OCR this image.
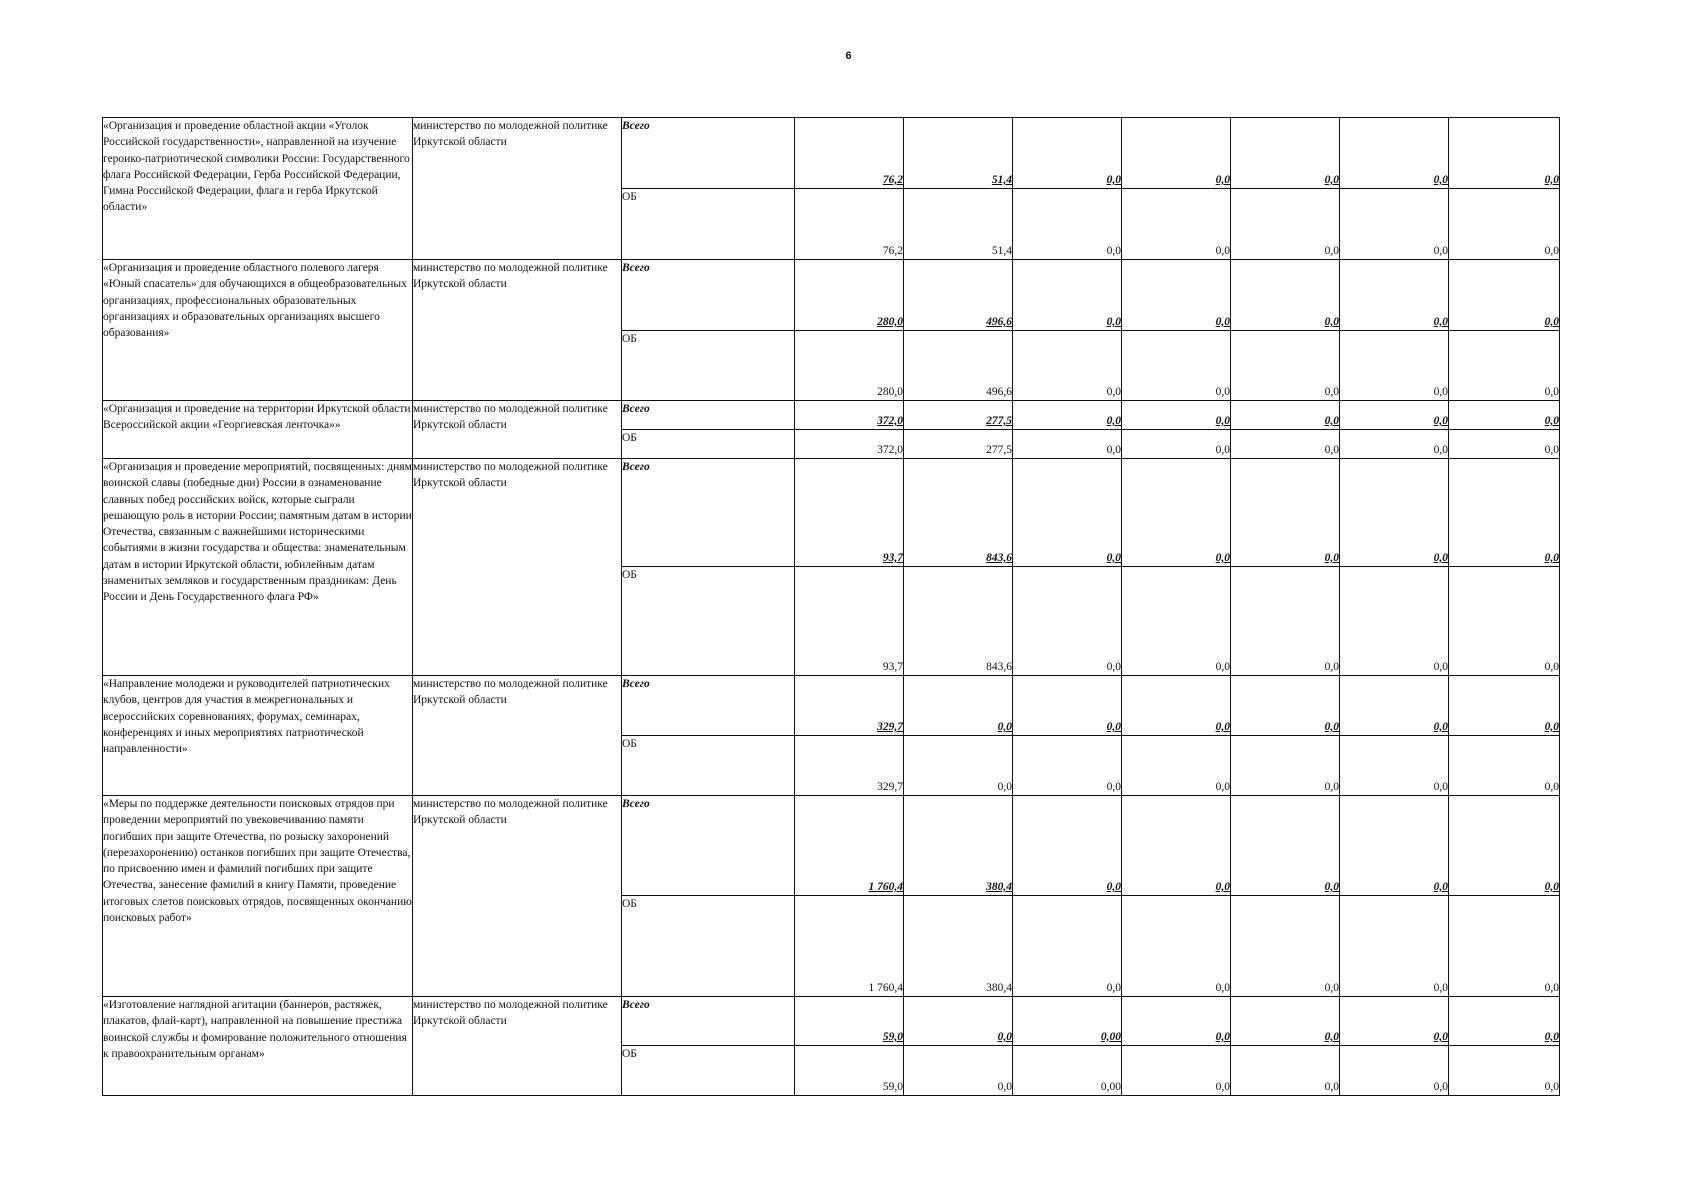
6
«Организация и проведение областной акции «Уголок Российской государственности», направленной на изучение героико-патриотической символики России: Государственного флага Российской Федерации, Герба Российской Федерации, Гимна Российской Федерации, флага и герба Иркутской области»	министерство по молодежной политике Иркутской области	Всего	76,2	51,4	0,0	0,0	0,0	0,0	0,0
		ОБ	76,2	51,4	0,0	0,0	0,0	0,0	0,0
«Организация и проведение областного полевого лагеря «Юный спасатель» для обучающихся в общеобразовательных организациях, профессиональных образовательных организациях и образовательных организациях высшего образования»	министерство по молодежной политике Иркутской области	Всего	280,0	496,6	0,0	0,0	0,0	0,0	0,0
		ОБ	280,0	496,6	0,0	0,0	0,0	0,0	0,0
«Организация и проведение на территории Иркутской области Всероссийской акции «Георгиевская ленточка»»	министерство по молодежной политике Иркутской области	Всего	372,0	277,5	0,0	0,0	0,0	0,0	0,0
		ОБ	372,0	277,5	0,0	0,0	0,0	0,0	0,0
«Организация и проведение мероприятий, посвященных: дням воинской славы (победные дни) России в ознаменование славных побед российских войск, которые сыграли решающую роль в истории России; памятным датам в истории Отечества, связанным с важнейшими историческими событиями в жизни государства и общества: знаменательным датам в истории Иркутской области, юбилейным датам знаменитых земляков и государственным праздникам: День России и День Государственного флага РФ»	министерство по молодежной политике Иркутской области	Всего	93,7	843,6	0,0	0,0	0,0	0,0	0,0
		ОБ	93,7	843,6	0,0	0,0	0,0	0,0	0,0
«Направление молодежи и руководителей патриотических клубов, центров для участия в межрегиональных и всероссийских соревнованиях, форумах, семинарах, конференциях и иных мероприятиях патриотической направленности»	министерство по молодежной политике Иркутской области	Всего	329,7	0,0	0,0	0,0	0,0	0,0	0,0
		ОБ	329,7	0,0	0,0	0,0	0,0	0,0	0,0
«Меры по поддержке деятельности поисковых отрядов при проведении мероприятий по увековечиванию памяти погибших при защите Отечества, по розыску захоронений (перезахоронению) останков погибших при защите Отечества, по присвоению имен и фамилий погибших при защите Отечества, занесение фамилий в книгу Памяти, проведение итоговых слетов поисковых отрядов, посвященных окончанию поисковых работ»	министерство по молодежной политике Иркутской области	Всего	1 760,4	380,4	0,0	0,0	0,0	0,0	0,0
		ОБ	1 760,4	380,4	0,0	0,0	0,0	0,0	0,0
«Изготовление наглядной агитации (баннеров, растяжек, плакатов, флай-карт), направленной на повышение престижа воинской службы и фомирование положительного отношения к правоохранительным органам»	министерство по молодежной политике Иркутской области	Всего	59,0	0,0	0,00	0,0	0,0	0,0	0,0
		ОБ	59,0	0,0	0,00	0,0	0,0	0,0	0,0
